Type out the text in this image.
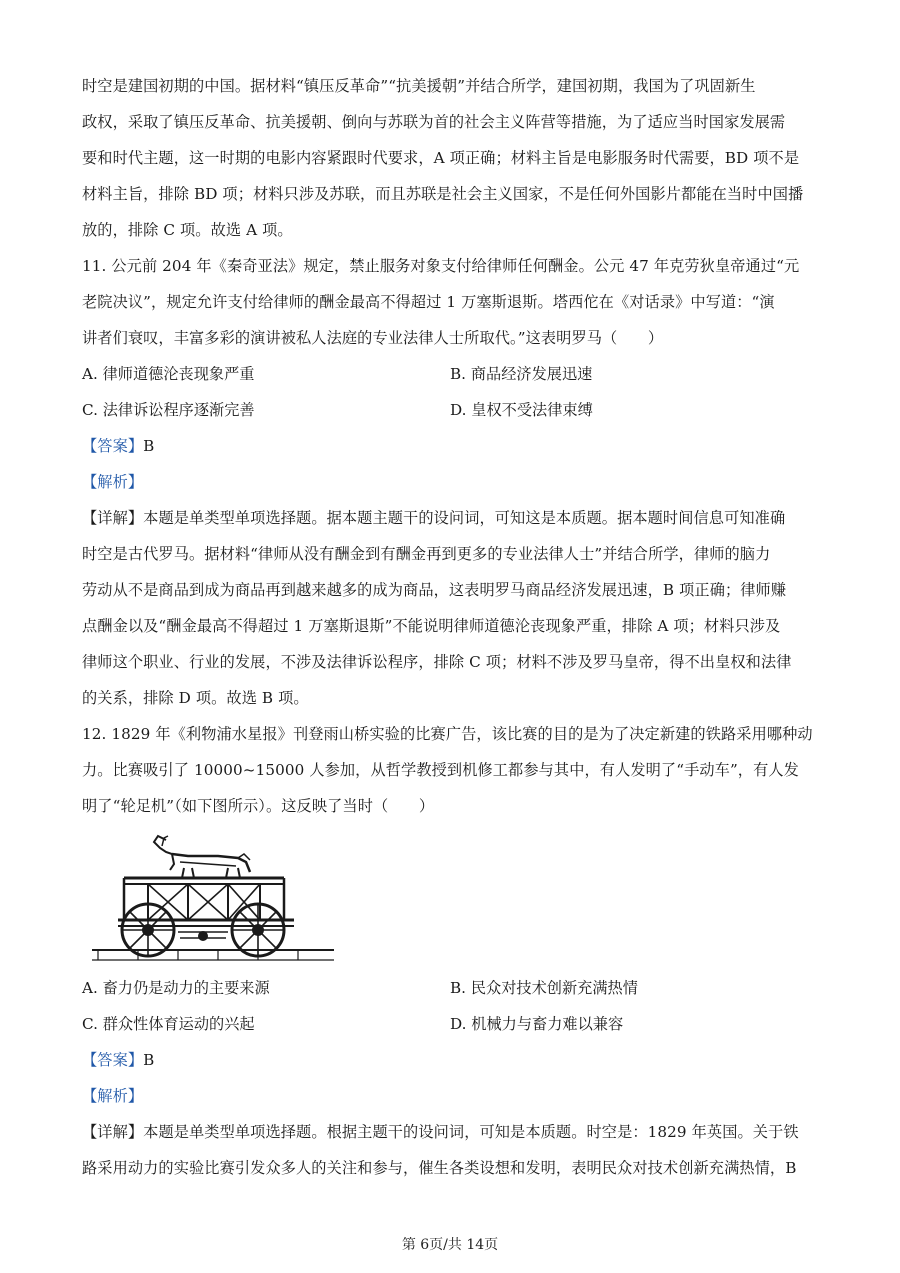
时空是建国初期的中国。据材料“镇压反革命”“抗美援朝”并结合所学，建国初期，我国为了巩固新生

政权，采取了镇压反革命、抗美援朝、倒向与苏联为首的社会主义阵营等措施，为了适应当时国家发展需

要和时代主题，这一时期的电影内容紧跟时代要求，A 项正确；材料主旨是电影服务时代需要，BD 项不是

材料主旨，排除 BD 项；材料只涉及苏联，而且苏联是社会主义国家，不是任何外国影片都能在当时中国播

放的，排除 C 项。故选 A 项。

11. 公元前 204 年《秦奇亚法》规定，禁止服务对象支付给律师任何酬金。公元 47 年克劳狄皇帝通过“元

老院决议”，规定允许支付给律师的酬金最高不得超过 1 万塞斯退斯。塔西佗在《对话录》中写道：“演

讲者们衰叹，丰富多彩的演讲被私人法庭的专业法律人士所取代。”这表明罗马（　　）

A. 律师道德沦丧现象严重	B. 商品经济发展迅速
C. 法律诉讼程序逐渐完善	D. 皇权不受法律束缚

【答案】B

【解析】

【详解】本题是单类型单项选择题。据本题主题干的设问词，可知这是本质题。据本题时间信息可知准确

时空是古代罗马。据材料“律师从没有酬金到有酬金再到更多的专业法律人士”并结合所学，律师的脑力

劳动从不是商品到成为商品再到越来越多的成为商品，这表明罗马商品经济发展迅速，B 项正确；律师赚

点酬金以及“酬金最高不得超过 1 万塞斯退斯”不能说明律师道德沦丧现象严重，排除 A 项；材料只涉及

律师这个职业、行业的发展，不涉及法律诉讼程序，排除 C 项；材料不涉及罗马皇帝，得不出皇权和法律

的关系，排除 D 项。故选 B 项。

12. 1829 年《利物浦水星报》刊登雨山桥实验的比赛广告，该比赛的目的是为了决定新建的铁路采用哪种动

力。比赛吸引了 10000~15000 人参加，从哲学教授到机修工都参与其中，有人发明了“手动车”，有人发

明了“轮足机”（如下图所示）。这反映了当时（　　）

A. 畜力仍是动力的主要来源	B. 民众对技术创新充满热情
C. 群众性体育运动的兴起	D. 机械力与畜力难以兼容

【答案】B

【解析】

【详解】本题是单类型单项选择题。根据主题干的设问词，可知是本质题。时空是：1829 年英国。关于铁

路采用动力的实验比赛引发众多人的关注和参与，催生各类设想和发明，表明民众对技术创新充满热情，B

第 6页/共 14页
